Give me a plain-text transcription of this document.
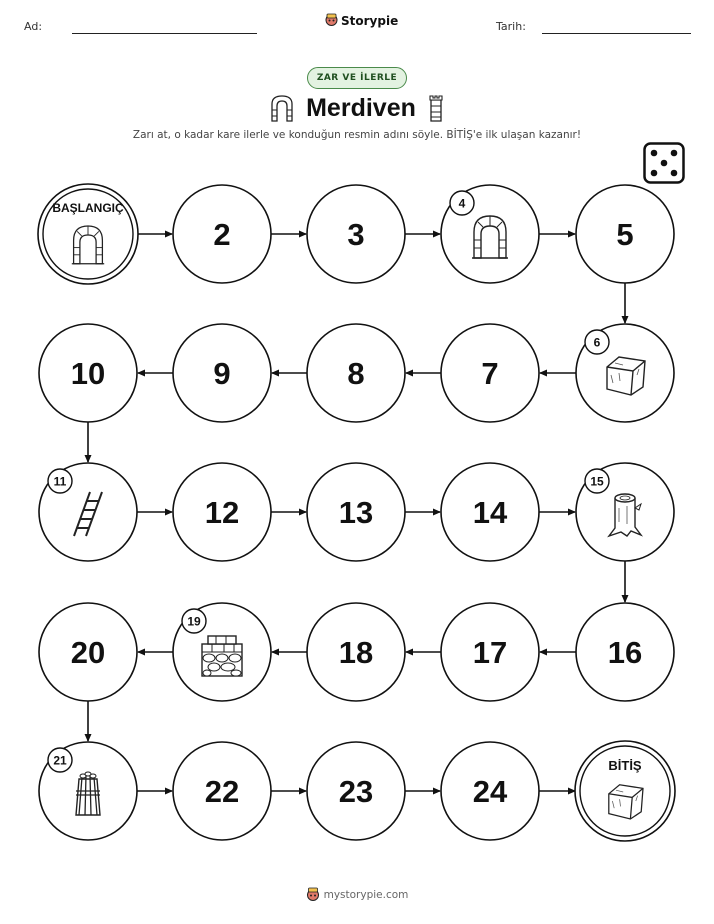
Ad:	Storypie	Tarih:
ZAR VE İLERLE
Merdiven
Zarı at, o kadar kare ilerle ve konduğun resmin adını söyle. BİTİŞ'e ilk ulaşan kazanır!
BAŞLANGIÇ
2	3
4
5
6
7
8
9
10
11
12	13	14
15
16
17
18
19
20
21
22	23	24
BİTİŞ
mystorypie.com
